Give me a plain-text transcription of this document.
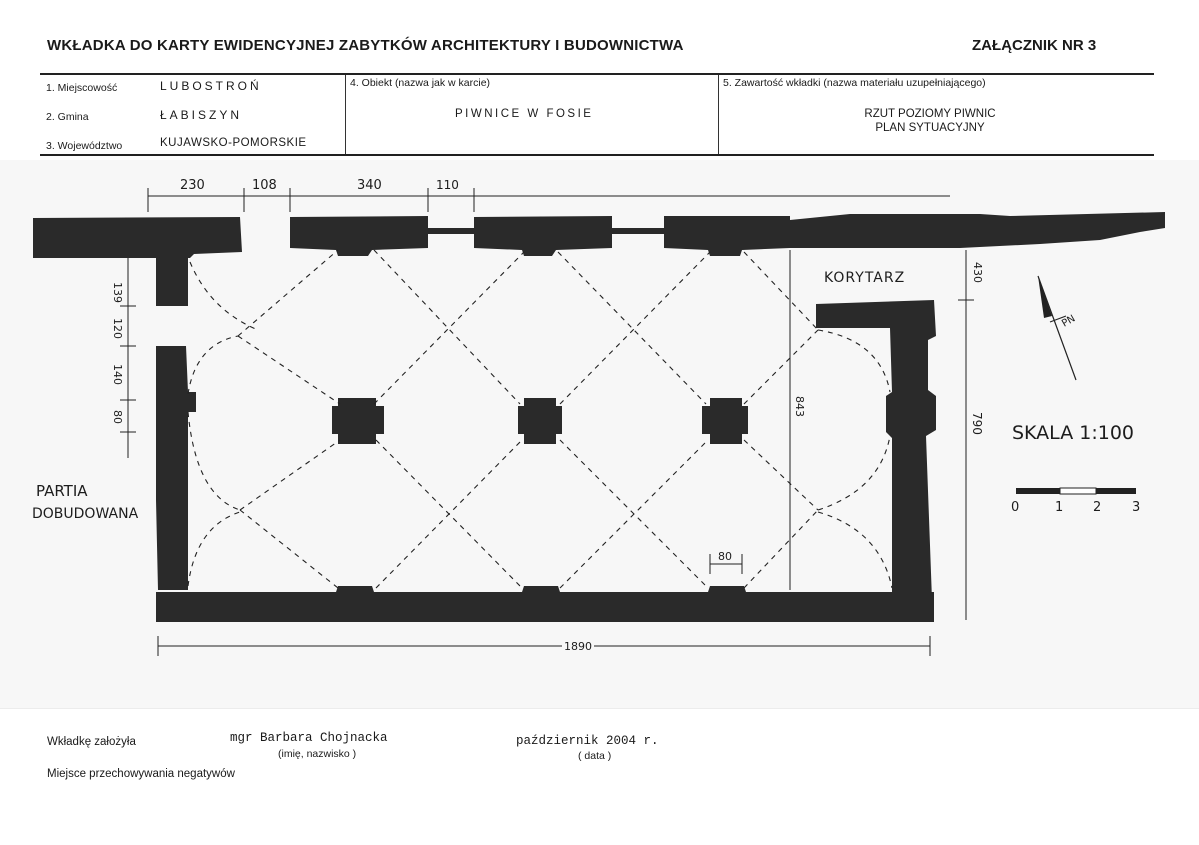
WKŁADKA DO KARTY EWIDENCYJNEJ ZABYTKÓW ARCHITEKTURY I BUDOWNICTWA	ZAŁĄCZNIK NR 3
1. Miejscowość	LUBOSTROŃ
2. Gmina	ŁABISZYN
3. Województwo	KUJAWSKO-POMORSKIE
4. Obiekt (nazwa jak w karcie)
PIWNICE W FOSIE
5. Zawartość wkładki (nazwa materiału uzupełniającego)
RZUT POZIOMY PIWNIC
PLAN SYTUACYJNY
230	108	340	110
139
120
140
80
430
790
843
1890
80
KORYTARZ
PARTIA
DOBUDOWANA
PN
SKALA 1:100
0	1 2 3
Wkładkę założyła	mgr Barbara Chojnacka
(imię, nazwisko )
październik 2004 r.
( data )
Miejsce przechowywania negatywów
